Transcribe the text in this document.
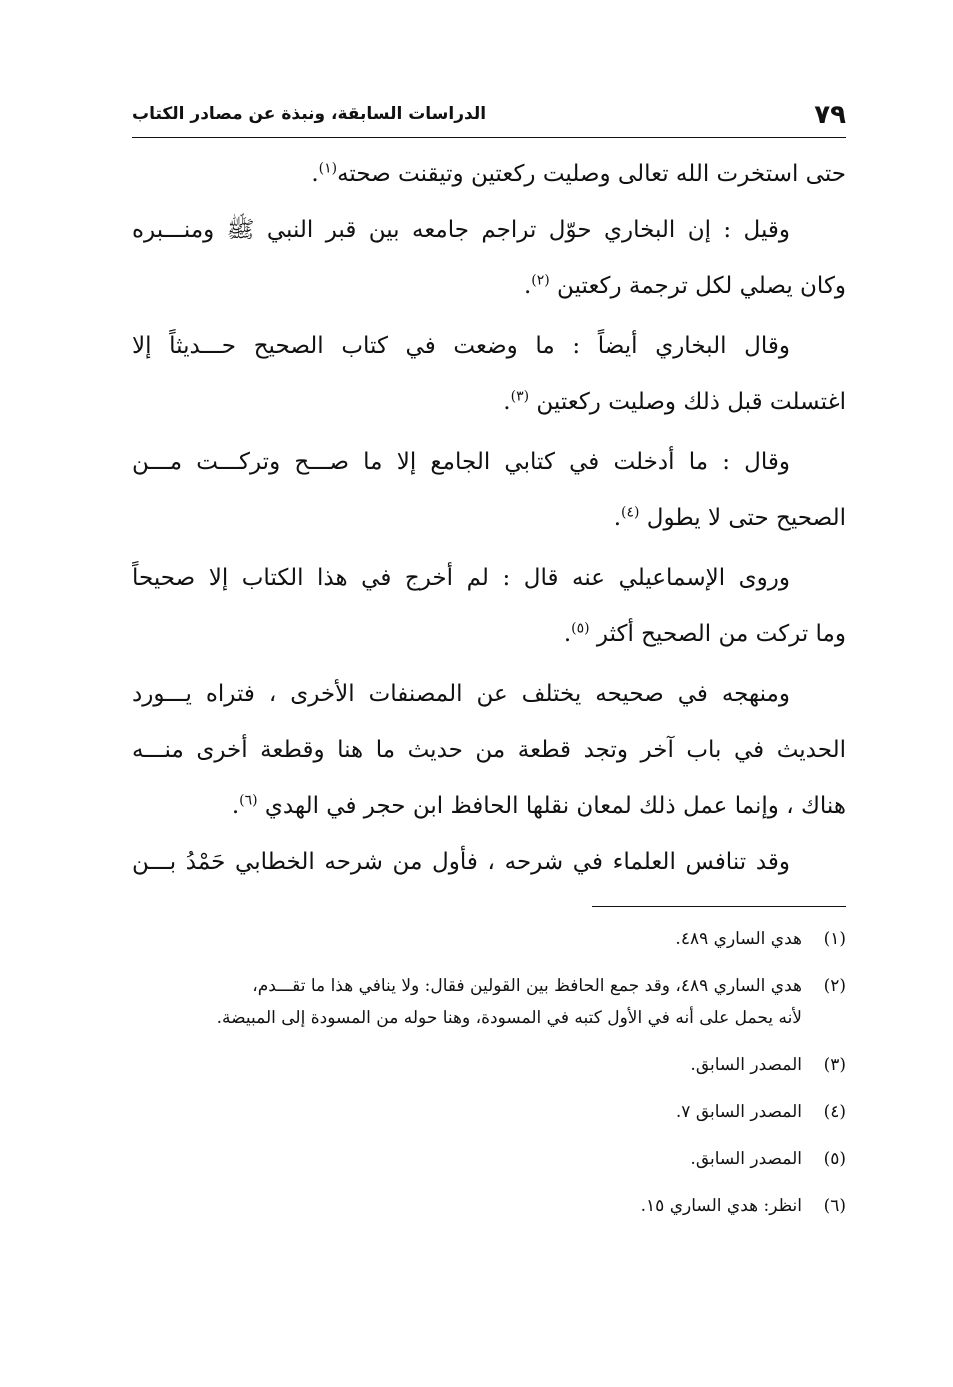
٧٩
الدراسات السابقة، ونبذة عن مصادر الكتاب
حتى استخرت الله تعالى وصليت ركعتين وتيقنت صحته$^{(١)}$.
وقيل : إن البخاري حوّل تراجم جامعه بين قبر النبي ﷺ ومنـــبره
وكان يصلي لكل ترجمة ركعتين $^{(٢)}$.
وقال البخاري أيضاً : ما وضعت في كتاب الصحيح حـــديثاً إلا
اغتسلت قبل ذلك وصليت ركعتين $^{(٣)}$.
وقال : ما أدخلت في كتابي الجامع إلا ما صـــح وتركـــت مـــن
الصحيح حتى لا يطول $^{(٤)}$.
وروى الإسماعيلي عنه قال : لم أخرج في هذا الكتاب إلا صحيحاً
وما تركت من الصحيح أكثر $^{(٥)}$.
ومنهجه في صحيحه يختلف عن المصنفات الأخرى ، فتراه يـــورد
الحديث في باب آخر وتجد قطعة من حديث ما هنا وقطعة أخرى منـــه
هناك ، وإنما عمل ذلك لمعان نقلها الحافظ ابن حجر في الهدي $^{(٦)}$.
وقد تنافس العلماء في شرحه ، فأول من شرحه الخطابي حَمْدُ بـــن
(١)هدي الساري ٤٨٩.
(٢)هدي الساري ٤٨٩، وقد جمع الحافظ بين القولين فقال: ولا ينافي هذا ما تقـــدم،
لأنه يحمل على أنه في الأول كتبه في المسودة، وهنا حوله من المسودة إلى المبيضة.
(٣)المصدر السابق.
(٤)المصدر السابق ٧.
(٥)المصدر السابق.
(٦)انظر: هدي الساري ١٥.
